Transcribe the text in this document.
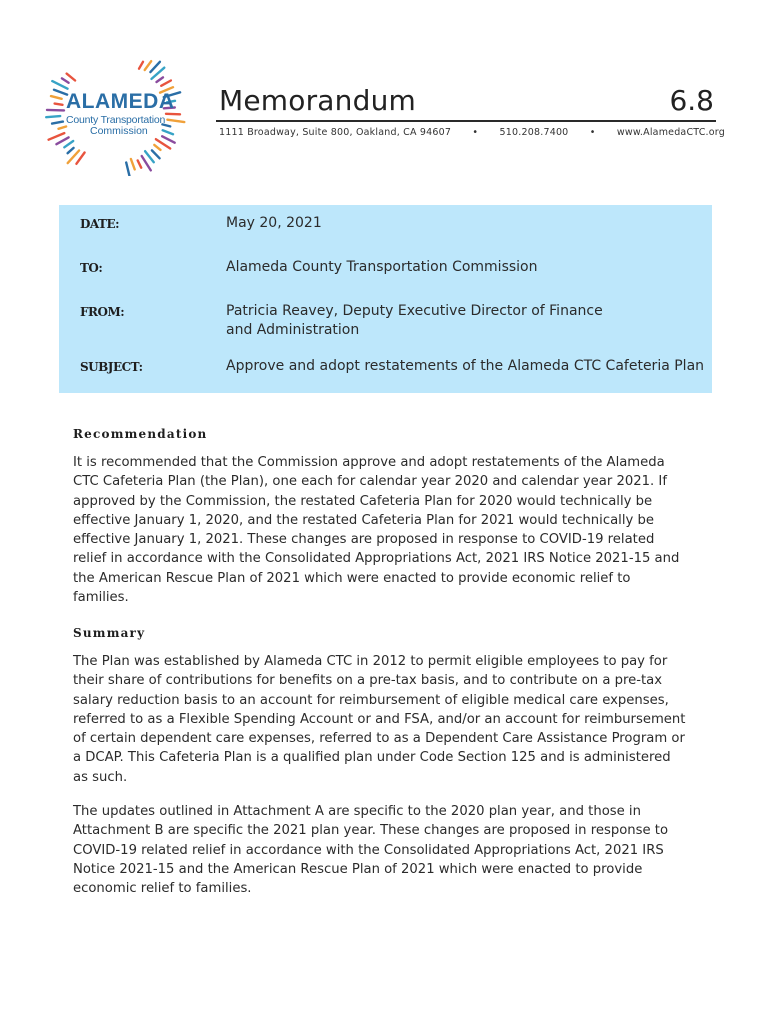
ALAMEDA
County Transportation
Commission
Memorandum	6.8
1111 Broadway, Suite 800, Oakland, CA 94607	•	510.208.7400	•	www.AlamedaCTC.org
DATE:	May 20, 2021
TO:	Alameda County Transportation Commission
FROM:	Patricia Reavey, Deputy Executive Director of Finance and Administration
SUBJECT:	Approve and adopt restatements of the Alameda CTC Cafeteria Plan
Recommendation

It is recommended that the Commission approve and adopt restatements of the Alameda CTC Cafeteria Plan (the Plan), one each for calendar year 2020 and calendar year 2021. If approved by the Commission, the restated Cafeteria Plan for 2020 would technically be effective January 1, 2020, and the restated Cafeteria Plan for 2021 would technically be effective January 1, 2021. These changes are proposed in response to COVID-19 related relief in accordance with the Consolidated Appropriations Act, 2021 IRS Notice 2021-15 and the American Rescue Plan of 2021 which were enacted to provide economic relief to families.

Summary

The Plan was established by Alameda CTC in 2012 to permit eligible employees to pay for their share of contributions for benefits on a pre-tax basis, and to contribute on a pre-tax salary reduction basis to an account for reimbursement of eligible medical care expenses, referred to as a Flexible Spending Account or and FSA, and/or an account for reimbursement of certain dependent care expenses, referred to as a Dependent Care Assistance Program or a DCAP. This Cafeteria Plan is a qualified plan under Code Section 125 and is administered as such.

The updates outlined in Attachment A are specific to the 2020 plan year, and those in Attachment B are specific the 2021 plan year. These changes are proposed in response to COVID-19 related relief in accordance with the Consolidated Appropriations Act, 2021 IRS Notice 2021-15 and the American Rescue Plan of 2021 which were enacted to provide economic relief to families.
